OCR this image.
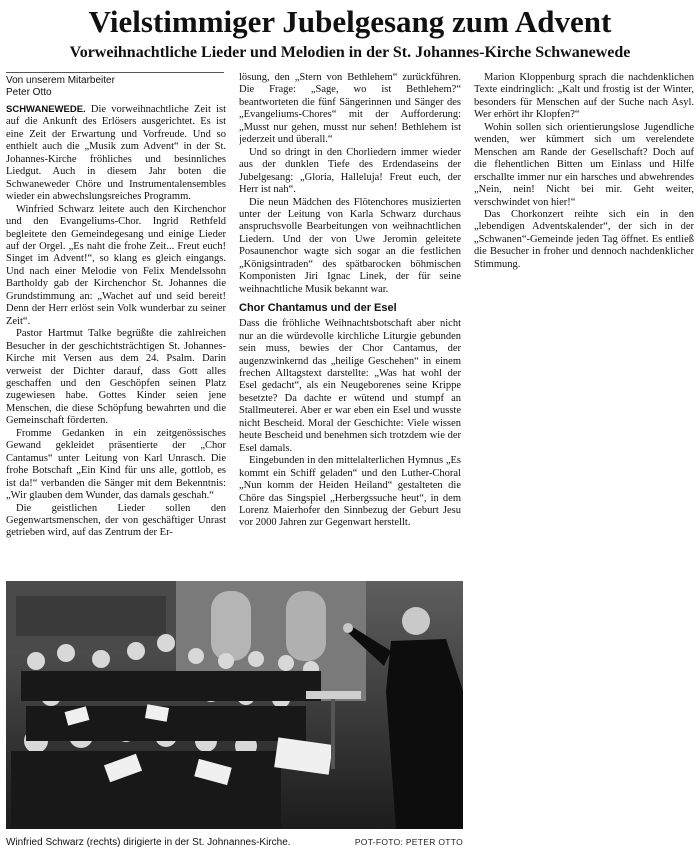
Vielstimmiger Jubelgesang zum Advent
Vorweihnachtliche Lieder und Melodien in der St. Johannes-Kirche Schwanewede
Von unserem Mitarbeiter
Peter Otto

SCHWANEWEDE. Die vorweihnachtliche Zeit ist auf die Ankunft des Erlösers ausgerichtet. Es ist eine Zeit der Erwartung und Vorfreude. Und so enthielt auch die „Musik zum Advent“ in der St. Johannes-Kirche fröhliches und besinnliches Liedgut. Auch in diesem Jahr boten die Schwaneweder Chöre und Instrumentalensembles wieder ein abwechslungsreiches Programm.

Winfried Schwarz leitete auch den Kirchenchor und den Evangeliums-Chor. Ingrid Rethfeld begleitete den Gemeindegesang und einige Lieder auf der Orgel. „Es naht die frohe Zeit... Freut euch! Singet im Advent!“, so klang es gleich eingangs. Und nach einer Melodie von Felix Mendelssohn Bartholdy gab der Kirchenchor St. Johannes die Grundstimmung an: „Wachet auf und seid bereit! Denn der Herr erlöst sein Volk wunderbar zu seiner Zeit“.

Pastor Hartmut Talke begrüßte die zahlreichen Besucher in der geschichtsträchtigen St. Johannes-Kirche mit Versen aus dem 24. Psalm. Darin verweist der Dichter darauf, dass Gott alles geschaffen und den Geschöpfen seinen Platz zugewiesen habe. Gottes Kinder seien jene Menschen, die diese Schöpfung bewahrten und die Gemeinschaft förderten.

Fromme Gedanken in ein zeitgenössisches Gewand gekleidet präsentierte der „Chor Cantamus“ unter Leitung von Karl Unrasch. Die frohe Botschaft „Ein Kind für uns alle, gottlob, es ist da!“ verbanden die Sänger mit dem Bekenntnis: „Wir glauben dem Wunder, das damals geschah.“

Die geistlichen Lieder sollen den Gegenwartsmenschen, der von geschäftiger Unrast getrieben wird, auf das Zentrum der Er-

lösung, den „Stern von Bethlehem“ zurückführen. Die Frage: „Sage, wo ist Bethlehem?“ beantworteten die fünf Sängerinnen und Sänger des „Evangeliums-Chores“ mit der Aufforderung: „Musst nur gehen, musst nur sehen! Bethlehem ist jederzeit und überall.“

Und so dringt in den Chorliedern immer wieder aus der dunklen Tiefe des Erdendaseins der Jubelgesang: „Gloria, Halleluja! Freut euch, der Herr ist nah“.

Die neun Mädchen des Flötenchores musizierten unter der Leitung von Karla Schwarz durchaus anspruchsvolle Bearbeitungen von weihnachtlichen Liedern. Und der von Uwe Jeromin geleitete Posaunenchor wagte sich sogar an die festlichen „Königsintraden“ des spätbarocken böhmischen Komponisten Jiri Ignac Linek, der für seine weihnachtliche Musik bekannt war.

Chor Chantamus und der Esel

Dass die fröhliche Weihnachtsbotschaft aber nicht nur an die würdevolle kirchliche Liturgie gebunden sein muss, bewies der Chor Cantamus, der augenzwinkernd das „heilige Geschehen“ in einem frechen Alltagstext darstellte: „Was hat wohl der Esel gedacht“, als ein Neugeborenes seine Krippe besetzte? Da dachte er wütend und stumpf an Stallmeuterei. Aber er war eben ein Esel und wusste nicht Bescheid. Moral der Geschichte: Viele wissen heute Bescheid und benehmen sich trotzdem wie der Esel damals.

Eingebunden in den mittelalterlichen Hymnus „Es kommt ein Schiff geladen“ und den Luther-Choral „Nun komm der Heiden Heiland“ gestalteten die Chöre das Singspiel „Herbergssuche heut“, in dem Lorenz Maierhofer den Sinnbezug der Geburt Jesu vor 2000 Jahren zur Gegenwart herstellt.

Marion Kloppenburg sprach die nachdenklichen Texte eindringlich: „Kalt und frostig ist der Winter, besonders für Menschen auf der Suche nach Asyl. Wer erhört ihr Klopfen?“

Wohin sollen sich orientierungslose Jugendliche wenden, wer kümmert sich um verelendete Menschen am Rande der Gesellschaft? Doch auf die flehentlichen Bitten um Einlass und Hilfe erschallte immer nur ein harsches und abwehrendes „Nein, nein! Nicht bei mir. Geht weiter, verschwindet von hier!“

Das Chorkonzert reihte sich ein in den „lebendigen Adventskalender“, der sich in der „Schwanen“-Gemeinde jeden Tag öffnet. Es entließ die Besucher in froher und dennoch nachdenklicher Stimmung.

Winfried Schwarz (rechts) dirigierte in der St. Johnannes-Kirche.	POT-FOTO: PETER OTTO
